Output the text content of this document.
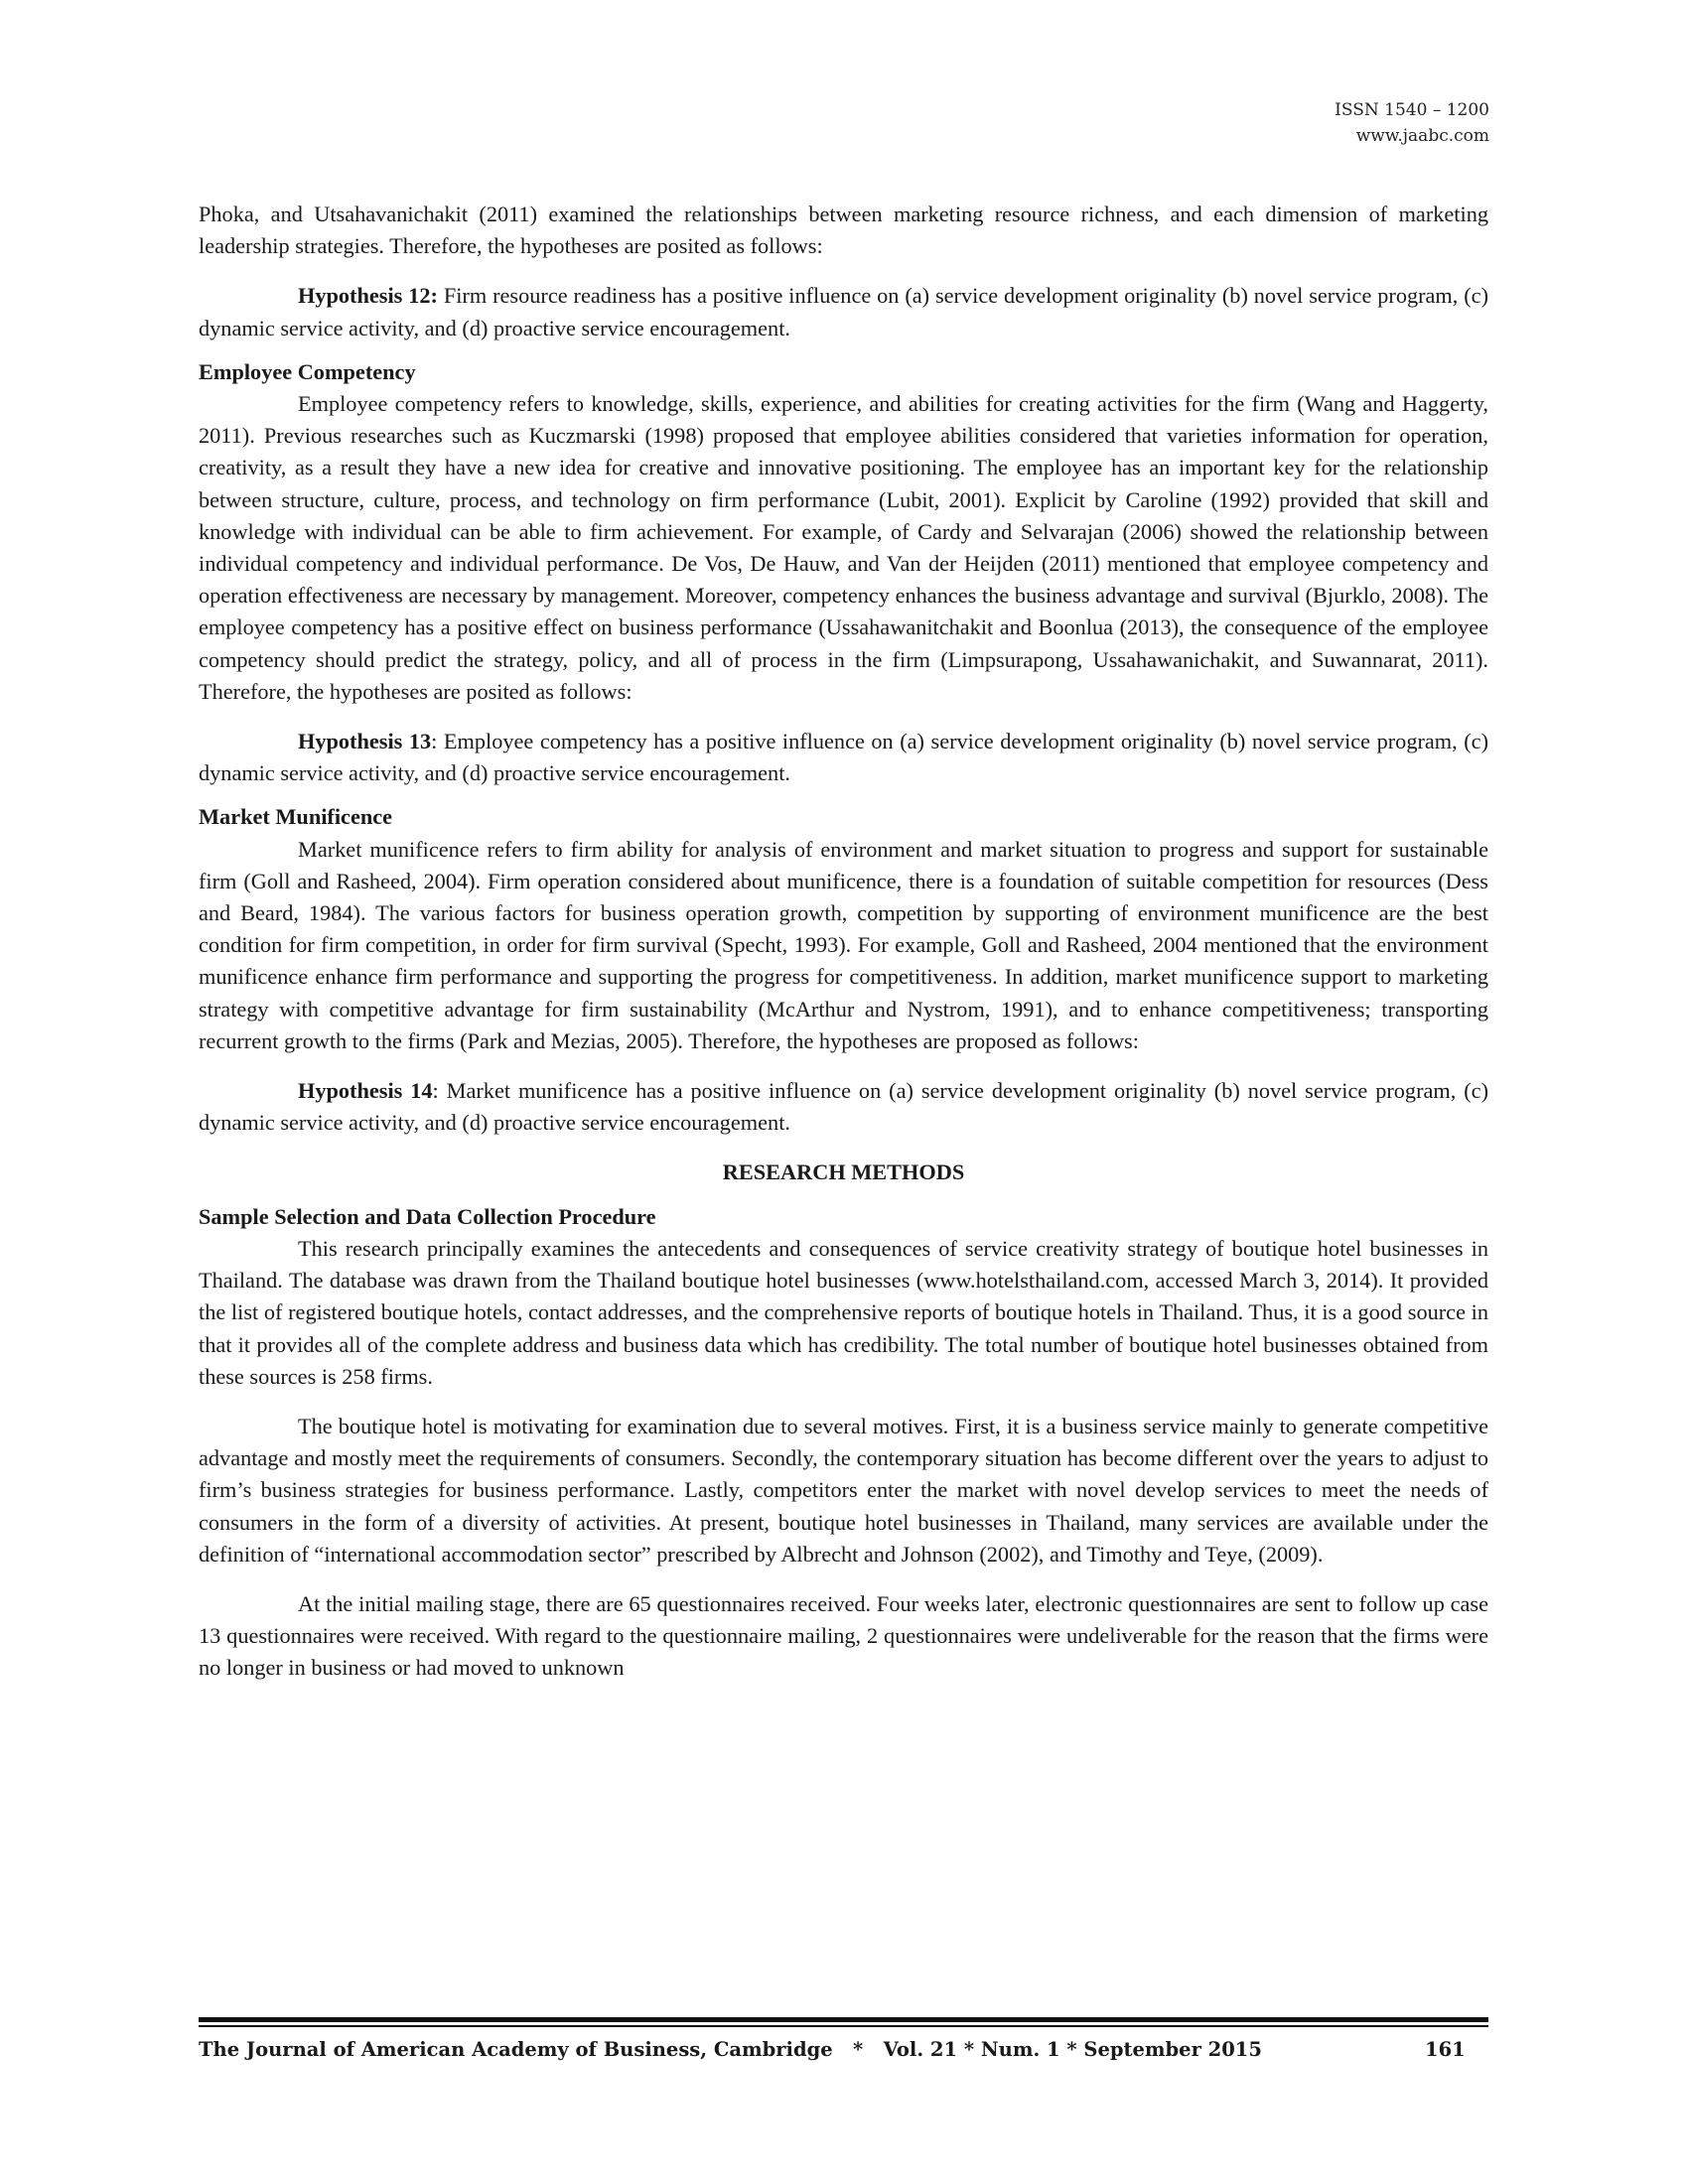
ISSN 1540 – 1200
www.jaabc.com

Phoka, and Utsahavanichakit (2011) examined the relationships between marketing resource richness, and each dimension of marketing leadership strategies. Therefore, the hypotheses are posited as follows:

Hypothesis 12: Firm resource readiness has a positive influence on (a) service development originality (b) novel service program, (c) dynamic service activity, and (d) proactive service encouragement.

Employee Competency

Employee competency refers to knowledge, skills, experience, and abilities for creating activities for the firm (Wang and Haggerty, 2011). Previous researches such as Kuczmarski (1998) proposed that employee abilities considered that varieties information for operation, creativity, as a result they have a new idea for creative and innovative positioning. The employee has an important key for the relationship between structure, culture, process, and technology on firm performance (Lubit, 2001). Explicit by Caroline (1992) provided that skill and knowledge with individual can be able to firm achievement. For example, of Cardy and Selvarajan (2006) showed the relationship between individual competency and individual performance. De Vos, De Hauw, and Van der Heijden (2011) mentioned that employee competency and operation effectiveness are necessary by management. Moreover, competency enhances the business advantage and survival (Bjurklo, 2008). The employee competency has a positive effect on business performance (Ussahawanitchakit and Boonlua (2013), the consequence of the employee competency should predict the strategy, policy, and all of process in the firm (Limpsurapong, Ussahawanichakit, and Suwannarat, 2011). Therefore, the hypotheses are posited as follows:

Hypothesis 13: Employee competency has a positive influence on (a) service development originality (b) novel service program, (c) dynamic service activity, and (d) proactive service encouragement.

Market Munificence

Market munificence refers to firm ability for analysis of environment and market situation to progress and support for sustainable firm (Goll and Rasheed, 2004). Firm operation considered about munificence, there is a foundation of suitable competition for resources (Dess and Beard, 1984). The various factors for business operation growth, competition by supporting of environment munificence are the best condition for firm competition, in order for firm survival (Specht, 1993). For example, Goll and Rasheed, 2004 mentioned that the environment munificence enhance firm performance and supporting the progress for competitiveness. In addition, market munificence support to marketing strategy with competitive advantage for firm sustainability (McArthur and Nystrom, 1991), and to enhance competitiveness; transporting recurrent growth to the firms (Park and Mezias, 2005). Therefore, the hypotheses are proposed as follows:

Hypothesis 14: Market munificence has a positive influence on (a) service development originality (b) novel service program, (c) dynamic service activity, and (d) proactive service encouragement.

RESEARCH METHODS

Sample Selection and Data Collection Procedure

This research principally examines the antecedents and consequences of service creativity strategy of boutique hotel businesses in Thailand. The database was drawn from the Thailand boutique hotel businesses (www.hotelsthailand.com, accessed March 3, 2014). It provided the list of registered boutique hotels, contact addresses, and the comprehensive reports of boutique hotels in Thailand. Thus, it is a good source in that it provides all of the complete address and business data which has credibility. The total number of boutique hotel businesses obtained from these sources is 258 firms.

The boutique hotel is motivating for examination due to several motives. First, it is a business service mainly to generate competitive advantage and mostly meet the requirements of consumers. Secondly, the contemporary situation has become different over the years to adjust to firm’s business strategies for business performance. Lastly, competitors enter the market with novel develop services to meet the needs of consumers in the form of a diversity of activities. At present, boutique hotel businesses in Thailand, many services are available under the definition of “international accommodation sector” prescribed by Albrecht and Johnson (2002), and Timothy and Teye, (2009).

At the initial mailing stage, there are 65 questionnaires received. Four weeks later, electronic questionnaires are sent to follow up case 13 questionnaires were received. With regard to the questionnaire mailing, 2 questionnaires were undeliverable for the reason that the firms were no longer in business or had moved to unknown

The Journal of American Academy of Business, Cambridge   *   Vol. 21 * Num. 1 * September 2015	161
